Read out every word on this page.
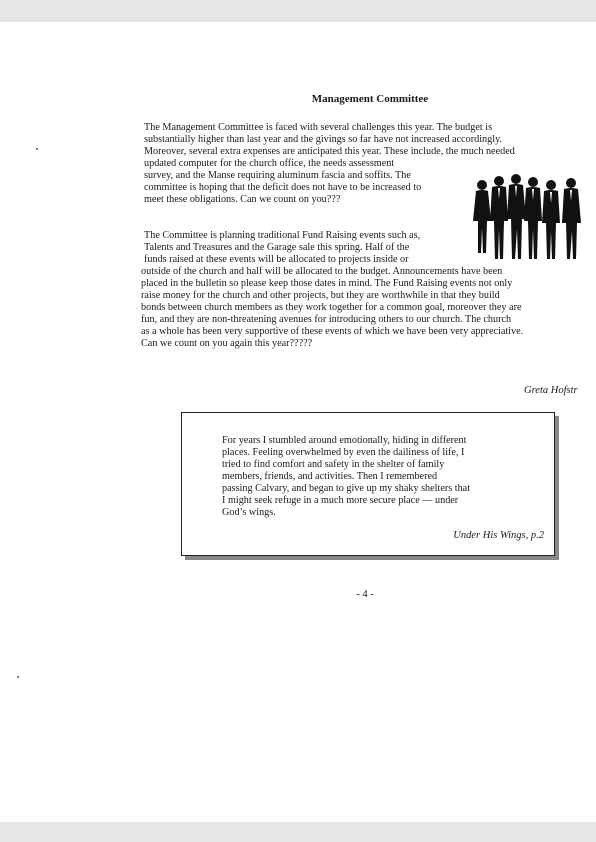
Management Committee
The Management Committee is faced with several challenges this year. The budget is
substantially higher than last year and the givings so far have not increased accordingly.
Moreover, several extra expenses are anticipated this year. These include, the much needed
updated computer for the church office, the needs assessment
survey, and the Manse requiring aluminum fascia and soffits. The
committee is hoping that the deficit does not have to be increased to
meet these obligations. Can we count on you???
The Committee is planning traditional Fund Raising events such as,
Talents and Treasures and the Garage sale this spring. Half of the
funds raised at these events will be allocated to projects inside or
outside of the church and half will be allocated to the budget. Announcements have been
placed in the bulletin so please keep those dates in mind. The Fund Raising events not only
raise money for the church and other projects, but they are worthwhile in that they build
bonds between church members as they work together for a common goal, moreover they are
fun, and they are non-threatening avenues for introducing others to our church. The church
as a whole has been very supportive of these events of which we have been very appreciative.
Can we count on you again this year?????
Greta Hofstr
For years I stumbled around emotionally, hiding in different
places. Feeling overwhelmed by even the dailiness of life, I
tried to find comfort and safety in the shelter of family
members, friends, and activities. Then I remembered
passing Calvary, and began to give up my shaky shelters that
I might seek refuge in a much more secure place — under
God’s wings.
Under His Wings, p.2
- 4 -
